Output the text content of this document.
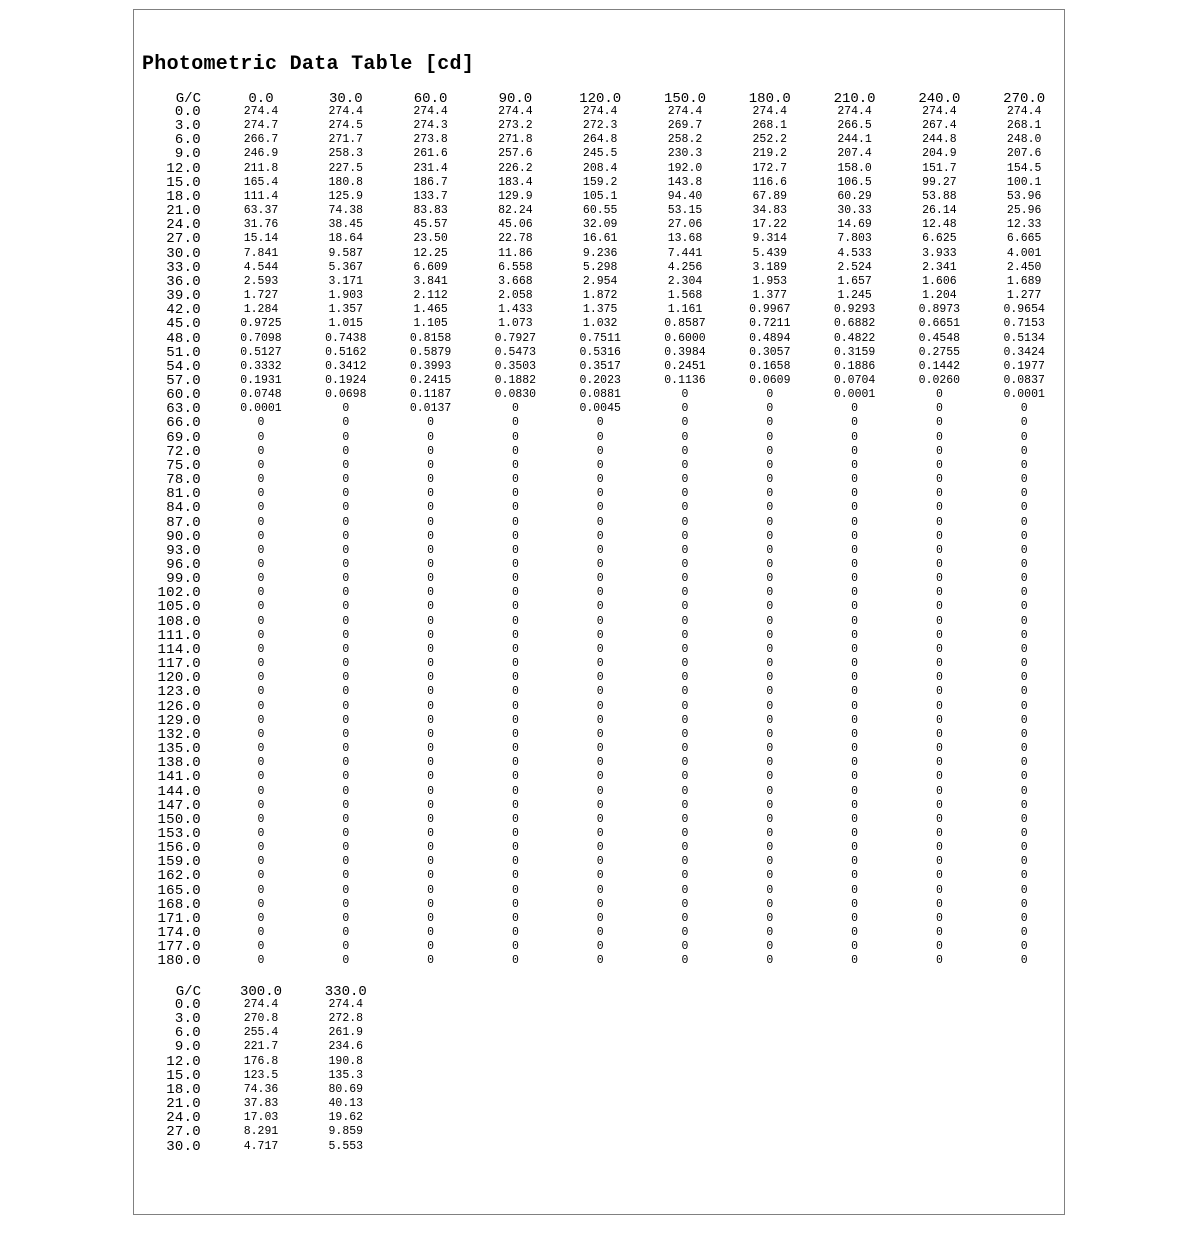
Photometric Data Table [cd]
G/C
0.0
3.0
6.0
9.0
12.0
15.0
18.0
21.0
24.0
27.0
30.0
33.0
36.0
39.0
42.0
45.0
48.0
51.0
54.0
57.0
60.0
63.0
66.0
69.0
72.0
75.0
78.0
81.0
84.0
87.0
90.0
93.0
96.0
99.0
102.0
105.0
108.0
111.0
114.0
117.0
120.0
123.0
126.0
129.0
132.0
135.0
138.0
141.0
144.0
147.0
150.0
153.0
156.0
159.0
162.0
165.0
168.0
171.0
174.0
177.0
180.0
0.0
274.4
274.7
266.7
246.9
211.8
165.4
111.4
63.37
31.76
15.14
7.841
4.544
2.593
1.727
1.284
0.9725
0.7098
0.5127
0.3332
0.1931
0.0748
0.0001
0
0
0
0
0
0
0
0
0
0
0
0
0
0
0
0
0
0
0
0
0
0
0
0
0
0
0
0
0
0
0
0
0
0
0
0
0
0
0
30.0
274.4
274.5
271.7
258.3
227.5
180.8
125.9
74.38
38.45
18.64
9.587
5.367
3.171
1.903
1.357
1.015
0.7438
0.5162
0.3412
0.1924
0.0698
0
0
0
0
0
0
0
0
0
0
0
0
0
0
0
0
0
0
0
0
0
0
0
0
0
0
0
0
0
0
0
0
0
0
0
0
0
0
0
0
60.0
274.4
274.3
273.8
261.6
231.4
186.7
133.7
83.83
45.57
23.50
12.25
6.609
3.841
2.112
1.465
1.105
0.8158
0.5879
0.3993
0.2415
0.1187
0.0137
0
0
0
0
0
0
0
0
0
0
0
0
0
0
0
0
0
0
0
0
0
0
0
0
0
0
0
0
0
0
0
0
0
0
0
0
0
0
0
90.0
274.4
273.2
271.8
257.6
226.2
183.4
129.9
82.24
45.06
22.78
11.86
6.558
3.668
2.058
1.433
1.073
0.7927
0.5473
0.3503
0.1882
0.0830
0
0
0
0
0
0
0
0
0
0
0
0
0
0
0
0
0
0
0
0
0
0
0
0
0
0
0
0
0
0
0
0
0
0
0
0
0
0
0
0
120.0
274.4
272.3
264.8
245.5
208.4
159.2
105.1
60.55
32.09
16.61
9.236
5.298
2.954
1.872
1.375
1.032
0.7511
0.5316
0.3517
0.2023
0.0881
0.0045
0
0
0
0
0
0
0
0
0
0
0
0
0
0
0
0
0
0
0
0
0
0
0
0
0
0
0
0
0
0
0
0
0
0
0
0
0
0
0
150.0
274.4
269.7
258.2
230.3
192.0
143.8
94.40
53.15
27.06
13.68
7.441
4.256
2.304
1.568
1.161
0.8587
0.6000
0.3984
0.2451
0.1136
0
0
0
0
0
0
0
0
0
0
0
0
0
0
0
0
0
0
0
0
0
0
0
0
0
0
0
0
0
0
0
0
0
0
0
0
0
0
0
0
0
180.0
274.4
268.1
252.2
219.2
172.7
116.6
67.89
34.83
17.22
9.314
5.439
3.189
1.953
1.377
0.9967
0.7211
0.4894
0.3057
0.1658
0.0609
0
0
0
0
0
0
0
0
0
0
0
0
0
0
0
0
0
0
0
0
0
0
0
0
0
0
0
0
0
0
0
0
0
0
0
0
0
0
0
0
0
210.0
274.4
266.5
244.1
207.4
158.0
106.5
60.29
30.33
14.69
7.803
4.533
2.524
1.657
1.245
0.9293
0.6882
0.4822
0.3159
0.1886
0.0704
0.0001
0
0
0
0
0
0
0
0
0
0
0
0
0
0
0
0
0
0
0
0
0
0
0
0
0
0
0
0
0
0
0
0
0
0
0
0
0
0
0
0
240.0
274.4
267.4
244.8
204.9
151.7
99.27
53.88
26.14
12.48
6.625
3.933
2.341
1.606
1.204
0.8973
0.6651
0.4548
0.2755
0.1442
0.0260
0
0
0
0
0
0
0
0
0
0
0
0
0
0
0
0
0
0
0
0
0
0
0
0
0
0
0
0
0
0
0
0
0
0
0
0
0
0
0
0
0
270.0
274.4
268.1
248.0
207.6
154.5
100.1
53.96
25.96
12.33
6.665
4.001
2.450
1.689
1.277
0.9654
0.7153
0.5134
0.3424
0.1977
0.0837
0.0001
0
0
0
0
0
0
0
0
0
0
0
0
0
0
0
0
0
0
0
0
0
0
0
0
0
0
0
0
0
0
0
0
0
0
0
0
0
0
0
0
G/C
0.0
3.0
6.0
9.0
12.0
15.0
18.0
21.0
24.0
27.0
30.0
300.0
274.4
270.8
255.4
221.7
176.8
123.5
74.36
37.83
17.03
8.291
4.717
330.0
274.4
272.8
261.9
234.6
190.8
135.3
80.69
40.13
19.62
9.859
5.553
